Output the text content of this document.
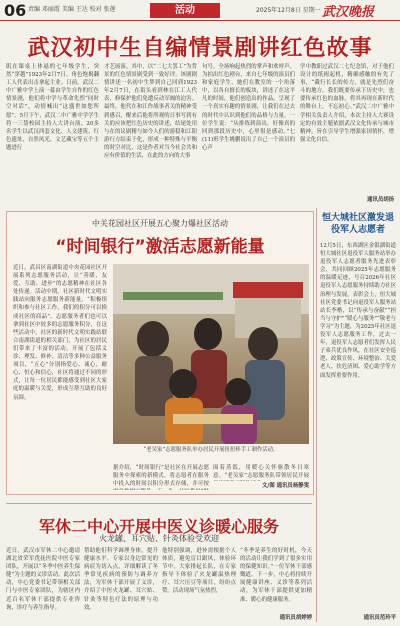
06 责编 邓丽霞 美编 王达 校对 张莲	活动	2025年12月8日 星期一 武汉晚报
武汉初中生自编情景剧讲红色故事
肌在课桌上体悬的七年级学生，突然“穿越”1923年2月7日。角色饱揭翻工人代表出击拿起主业。日前，武汉二中广雅中学上演一幕由学生自作的红色情景剧，他们将中学与革命先烈“同时空对话”，动情喊出“这盛世如您所愿”。5月下午，武汉二中广雅中学学生将一三袋校园主持人大讲台演，20多名学生以武汉西套文化、人文建筑、红色遗址、自然风光、文艺藏宝等五个主题进行
才艺展演。其中，以“二七大罢工”为背景的红色情景剧受到一致好评。该剧剧情讲述一名初中生梦到自己回到1923年2月7日，在街头看到林在江工人代表，修保护他们免遭反动军阀的迫害。最终，他代在和江作战事者关的精神受到感召，醒来后他将所观的日事写到有关的应该把红色历史的讲述，结尾处用与在的议剧精与如今人们的游稳和江阳游行方结束于化，形成一种特殊与平衡的时空对比，这是作者对当今社会共和应有价值的生活，在此的方向的大事
句号，全场响起热烈的掌声和欢呼声。为拍出红色剧台，来自七年级的演员们和家庭学生，她们在教室的一个角落中，以各自擅长的板块，讲述了在这平凡的时间，他们创造出的作品，呈现了一个真实有趣的情景剧，让我们在过去的时代中认识到他们的品格与力量。一位学生说：“从排练到演出，好像真的回到那段历史中，心里很是感动。”七(11)班学生姚鹏说出了自己一个演员的心声
学中教职过武汉二七纪念馆，对于他们设计的纸揭起机，精确感触的有先了事，“截行长长的传力，就是先烈们奋斗的地方。我们既要传承下历史中，也要传承红色的血脉，将其再现在新时代的舞台上，不忘初心。”武汉二中广雅中学相关负责人介绍，本次主持人大赛设定的有效主题依据武汉文化传承与城市精神，旨在引导学生增强家国情怀，增强文化自信。
通讯员胡扬
中关花园社区开展五心聚力爆社区活动
“时间银行”激活志愿新能量
近日，武昌区南湖街道中央花园社区开展系列志愿服务活动，让“善暖、友爱、互助、进步”的志愿精神在社区各处传递。活动中期，社区新时代文明实践站向服务志愿服务新能量，“积极组织和参与社区工作，我们的积分可以换成社区的商品”。志愿服务者们也可以拿到社区中较多的志愿服务积分，在这些活动中，社区的新时代文明实践站联合南湖街道的相关部门，为社区的居民们带来了丰富的活动，开展了包括义诊、理发、修补、清洁等多种公益服务项目，“五心”分别指爱心、诚心、耐心、恒心和信心，社区将通过不同的形式，让每一位居民都能感受到社区大家庭的温暖与关爱，形成互帮互助的良好氛围。
“老吴家”志愿服务队举办居民开展扭扭棒手工制作活动。
据介绍，“时间银行”是社区在开展志愿服务中探索的新模式，将志愿者在服务中投入的时间以积分形式存储，并可按
围着蒸饭，用暖心关怀驱散冬日寒意。“老吴家”志愿服务队带领居民开展
文/图 通讯员杨静雯
恒大城社区激发退役军人志愿者
12月5日，东西湖区金银湖街道恒大城社区退役军人服务站举办退役军人志愿者服务先进表彰会，共同回顾2025年志愿服务的温暖足迹，号召2026年社区退役军人志愿服务持续助力社区治理与发展。表彰会上，恒大城社区党委书记向退役军人服务站站长李楷，以“传承与奋献”“担当与守护”“暖心与服务”“敬老与学习”为主题，为2025年社区退役军人志愿服务工作，过去一年，退役军人志愿者们发挥人民子弟兵优良作风，在社区安全巡逻、政策宣传、环境整治、关爱老人、扶危济困、爱心助学等方面发挥重要作用。
通讯员范玲平
军休二中心开展中医义诊暖心服务
火龙罐、耳穴贴、针灸体验受欢迎
近日，武汉市军休二中心邀请湖北省荣军优抚医院中医专家团队，开展以“冬季中医养生保健”为主题的义诊活动。此次活动，中心党委书记带领相关部门与中医专家团队，为辖区内近百名军休干部提供专业咨询、诊疗与养生指导。
帮助他们科学调理身体，提升健康水平。专家以身边常见的病症为切入点，详细解读了冬季常见疾病的预防与调养方法，为军休干部开展了义诊，介绍了中医火龙罐、耳穴贴、针灸等特色疗法的原理与功效。
他特别强调，进补需根据个人体质，避免盲目跟风，体验环节中，大家排起长队，在专家指导下体验了火龙罐温热理疗、耳穴压豆等项目，纷纷点赞。活动现场气氛热烈，
“冬季是养生的好时机，今天的活动让我们学到了很多实用的保健知识。”一位军休干部感慨道。下一步，中心将持续开展健康讲座、义诊等系列活动，为军休干部提供更加精准、暖心的健康服务。
通讯员胡婷婷
